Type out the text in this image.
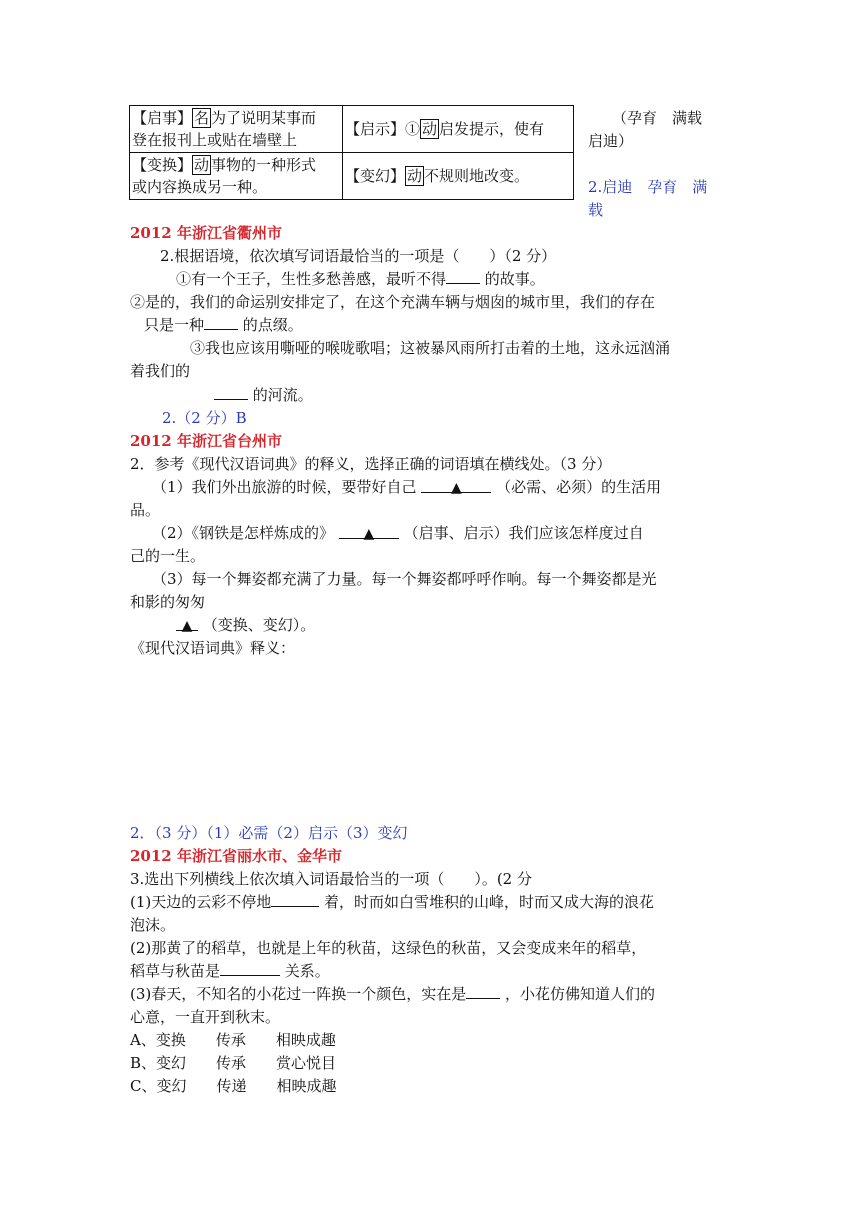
【启事】 名 为了说明某事而
登在报刊上或贴在墙壁上	【启示】① 动 启发提示，使有
【变换】 动 事物的一种形式
或内容换成另一种。	【变幻】 动 不规则地改变。
（孕育　满载
启迪）
2.启迪　孕育　满
载
2012 年浙江省衢州市
2.根据语境，依次填写词语最恰当的一项是（　　）（2 分）
①有一个王子，生性多愁善感，最听不得	的故事。
②是的，我们的命运别安排定了，在这个充满车辆与烟囱的城市里，我们的存在
只是一种	的点缀。
③我也应该用嘶哑的喉咙歌唱；这被暴风雨所打击着的土地，这永远汹涌
着我们的
的河流。
2.（2 分）B
2012 年浙江省台州市
2．参考《现代汉语词典》的释义，选择正确的词语填在横线处。（3 分）
（1）我们外出旅游的时候，要带好自己 ▲ （必需、必须）的生活用
品。
（2）《钢铁是怎样炼成的》 ▲ （启事、启示）我们应该怎样度过自
己的一生。
（3）每一个舞姿都充满了力量。每一个舞姿都呼呼作响。每一个舞姿都是光
和影的匆匆
▲ （变换、变幻）。
《现代汉语词典》释义：
2．（3 分）（1）必需（2）启示（3）变幻
2012 年浙江省丽水市、金华市
3.选出下列横线上依次填入词语最恰当的一项（　　）。(2 分
(1)天边的云彩不停地	着，时而如白雪堆积的山峰，时而又成大海的浪花
泡沫。
(2)那黄了的稻草，也就是上年的秋苗，这绿色的秋苗，又会变成来年的稻草，
稻草与秋苗是	关系。
(3)春天，不知名的小花过一阵换一个颜色，实在是	，小花仿佛知道人们的
心意，一直开到秋末。
A、变换　　传承　　相映成趣
B、变幻　　传承　　赏心悦目
C、变幻　　传递　　相映成趣
